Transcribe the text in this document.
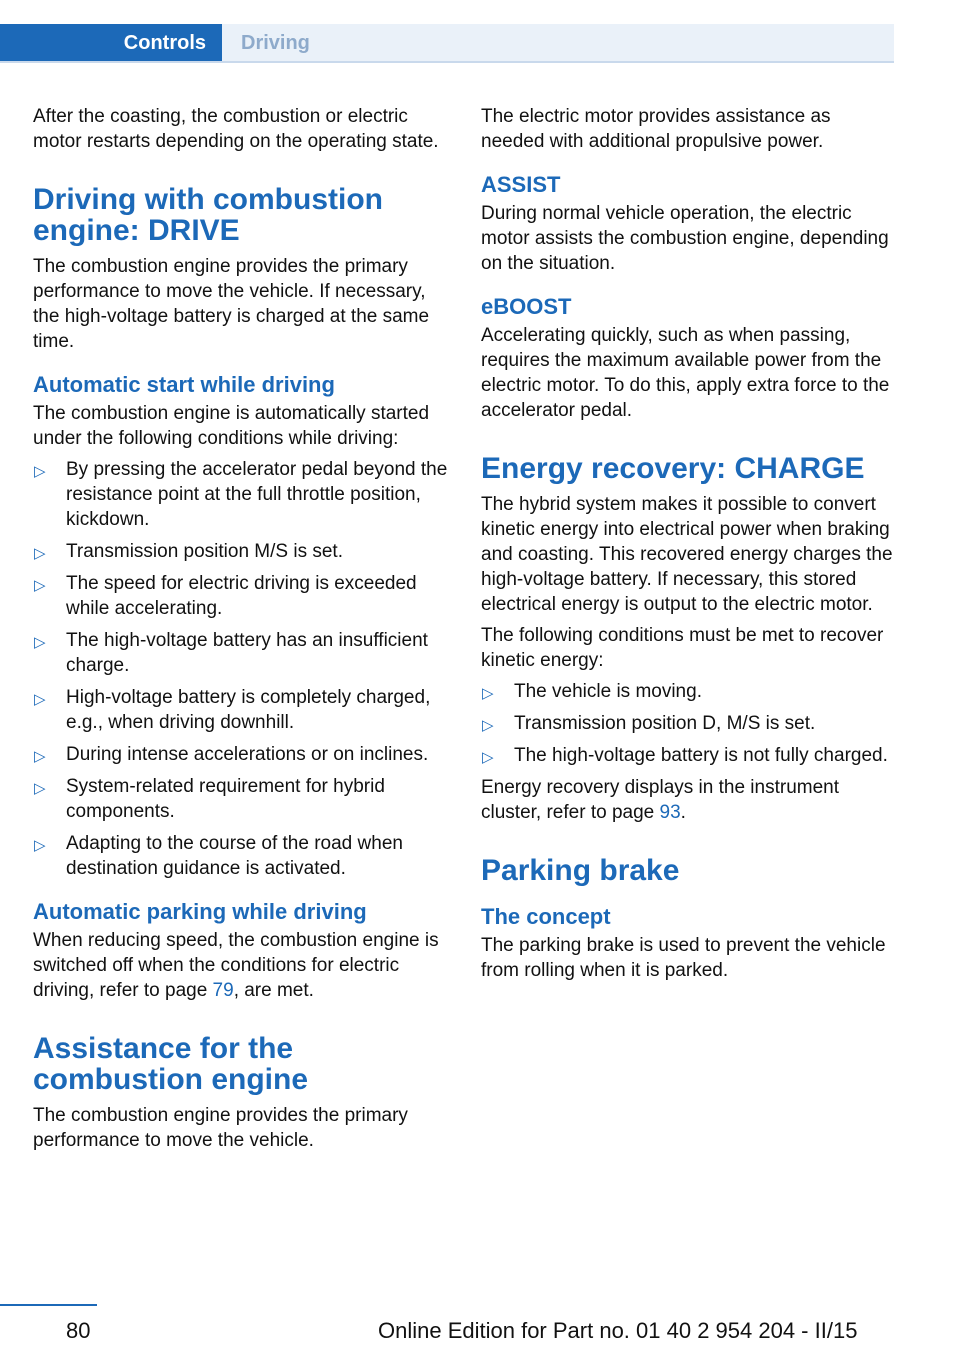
Controls	Driving

After the coasting, the combustion or electric motor restarts depending on the operating state.

Driving with combustion engine: DRIVE

The combustion engine provides the primary performance to move the vehicle. If necessary, the high-voltage battery is charged at the same time.

Automatic start while driving

The combustion engine is automatically started under the following conditions while driving:

▷ By pressing the accelerator pedal beyond the resistance point at the full throttle position, kickdown.
▷ Transmission position M/S is set.
▷ The speed for electric driving is exceeded while accelerating.
▷ The high-voltage battery has an insufficient charge.
▷ High-voltage battery is completely charged, e.g., when driving downhill.
▷ During intense accelerations or on inclines.
▷ System-related requirement for hybrid components.
▷ Adapting to the course of the road when destination guidance is activated.
Automatic parking while driving

When reducing speed, the combustion engine is switched off when the conditions for electric driving, refer to page 79, are met.

Assistance for the combustion engine

The combustion engine provides the primary performance to move the vehicle.

The electric motor provides assistance as needed with additional propulsive power.

ASSIST

During normal vehicle operation, the electric motor assists the combustion engine, depending on the situation.

eBOOST

Accelerating quickly, such as when passing, requires the maximum available power from the electric motor. To do this, apply extra force to the accelerator pedal.

Energy recovery: CHARGE

The hybrid system makes it possible to convert kinetic energy into electrical power when braking and coasting. This recovered energy charges the high-voltage battery. If necessary, this stored electrical energy is output to the electric motor.

The following conditions must be met to recover kinetic energy:

▷ The vehicle is moving.
▷ Transmission position D, M/S is set.
▷ The high-voltage battery is not fully charged.

Energy recovery displays in the instrument cluster, refer to page 93.

Parking brake
The concept

The parking brake is used to prevent the vehicle from rolling when it is parked.

80	Online Edition for Part no. 01 40 2 954 204 - II/15
